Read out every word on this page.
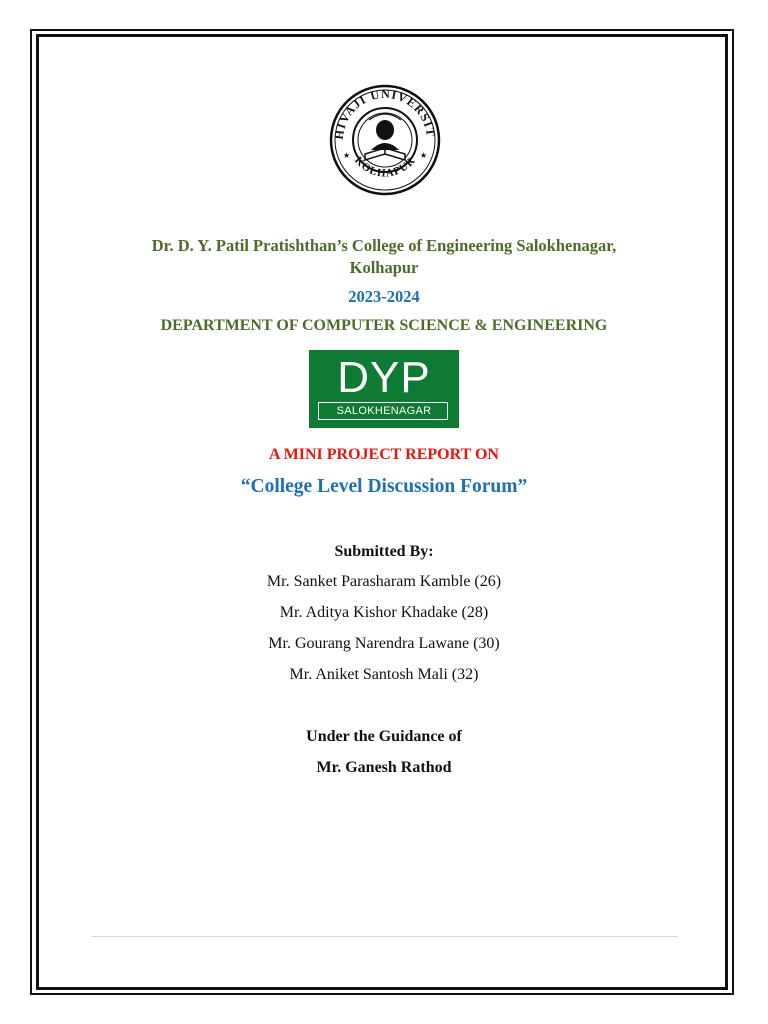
HIVAJI UNIVERSIT
KOLHAPUR
★	★
Dr. D. Y. Patil Pratishthan’s College of Engineering Salokhenagar,
Kolhapur
2023-2024
DEPARTMENT OF COMPUTER SCIENCE & ENGINEERING
DYP
SALOKHENAGAR
A MINI PROJECT REPORT ON
“College Level Discussion Forum”
Submitted By:
Mr. Sanket Parasharam Kamble (26)
Mr. Aditya Kishor Khadake (28)
Mr. Gourang Narendra Lawane (30)
Mr. Aniket Santosh Mali (32)
Under the Guidance of
Mr. Ganesh Rathod
